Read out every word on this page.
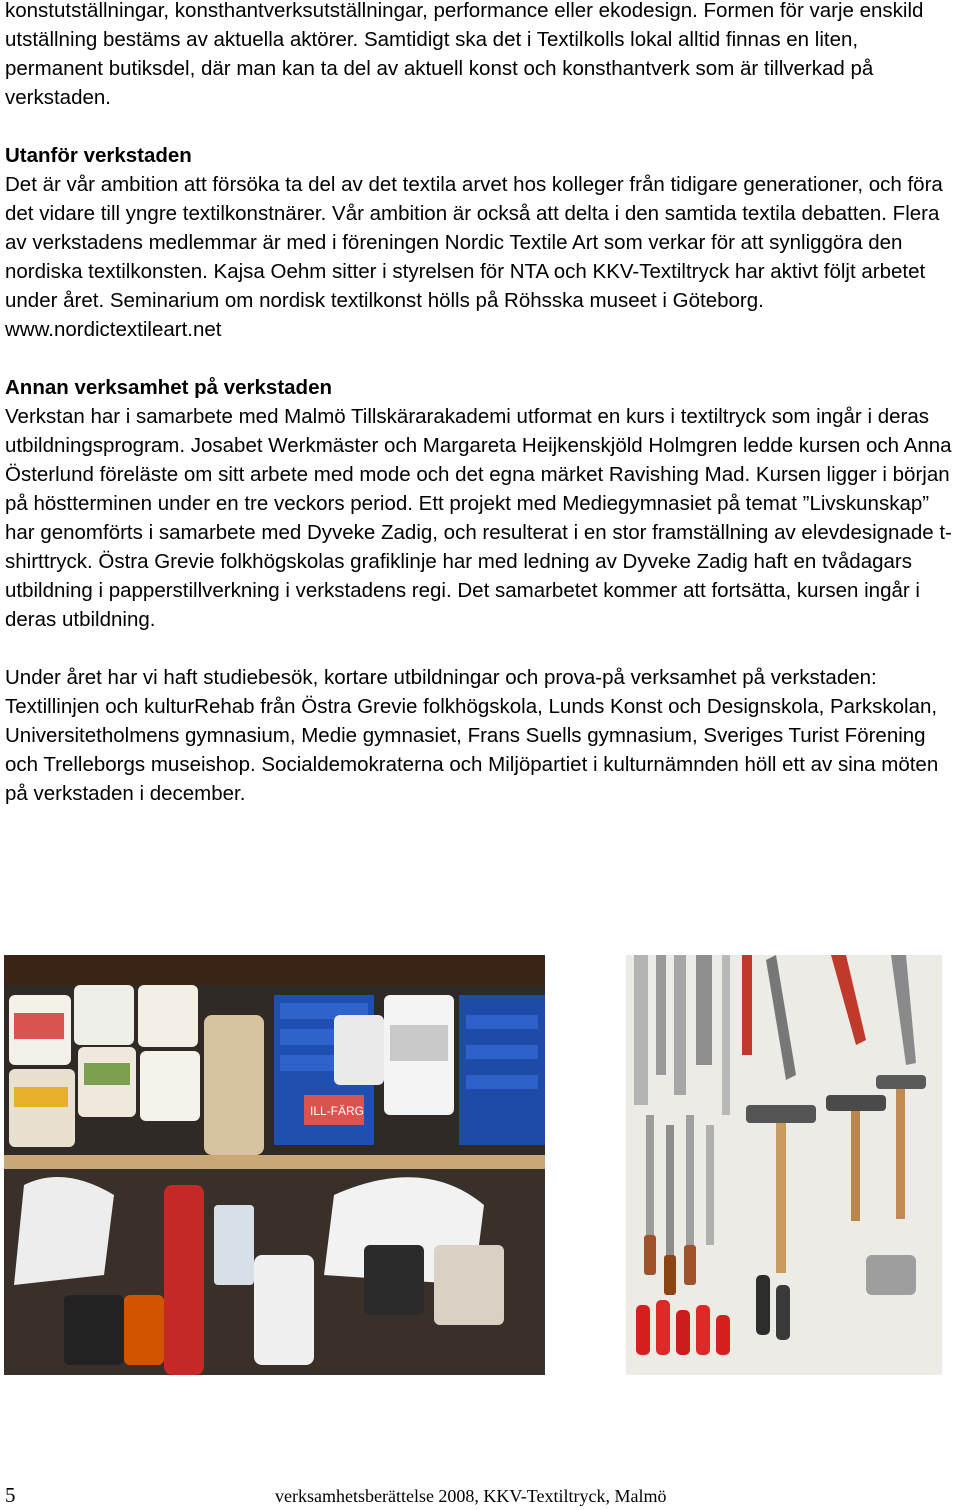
konstutställningar, konsthantverksutställningar, performance eller ekodesign. Formen för varje enskild utställning bestäms av aktuella aktörer. Samtidigt ska det i Textilkolls lokal alltid finnas en liten, permanent butiksdel, där man kan ta del av aktuell konst och konsthantverk som är tillverkad på verkstaden.

Utanför verkstaden

Det är vår ambition att försöka ta del av det textila arvet hos kolleger från tidigare generationer, och föra det vidare till yngre textilkonstnärer. Vår ambition är också att delta i den samtida textila debatten. Flera av verkstadens medlemmar är med i föreningen Nordic Textile Art som verkar för att synliggöra den nordiska textilkonsten. Kajsa Oehm sitter i styrelsen för NTA och KKV-Textiltryck har aktivt följt arbetet under året. Seminarium om nordisk textilkonst hölls på Röhsska museet i Göteborg. www.nordictextileart.net

Annan verksamhet på verkstaden

Verkstan har i samarbete med Malmö Tillskärarakademi utformat en kurs i textiltryck som ingår i deras utbildningsprogram. Josabet Werkmäster och Margareta Heijkenskjöld Holmgren ledde kursen och Anna Österlund föreläste om sitt arbete med mode och det egna märket Ravishing Mad. Kursen ligger i början på höstterminen under en tre veckors period. Ett projekt med Mediegymnasiet på temat ”Livskunskap” har genomförts i samarbete med Dyveke Zadig, och resulterat i en stor framställning av elevdesignade t-shirttryck. Östra Grevie folkhögskolas grafiklinje har med ledning av Dyveke Zadig haft en tvådagars utbildning i papperstillverkning i verkstadens regi. Det samarbetet kommer att fortsätta, kursen ingår i deras utbildning.

Under året har vi haft studiebesök, kortare utbildningar och prova-på verksamhet på verkstaden: Textillinjen och kulturRehab från Östra Grevie folkhögskola, Lunds Konst och Designskola, Parkskolan, Universitetholmens gymnasium, Medie gymnasiet, Frans Suells gymnasium, Sveriges Turist Förening och Trelleborgs museishop. Socialdemokraterna och Miljöpartiet i kulturnämnden höll ett av sina möten på verkstaden i december.

ILL-FÄRG
5	verksamhetsberättelse 2008, KKV-Textiltryck, Malmö
